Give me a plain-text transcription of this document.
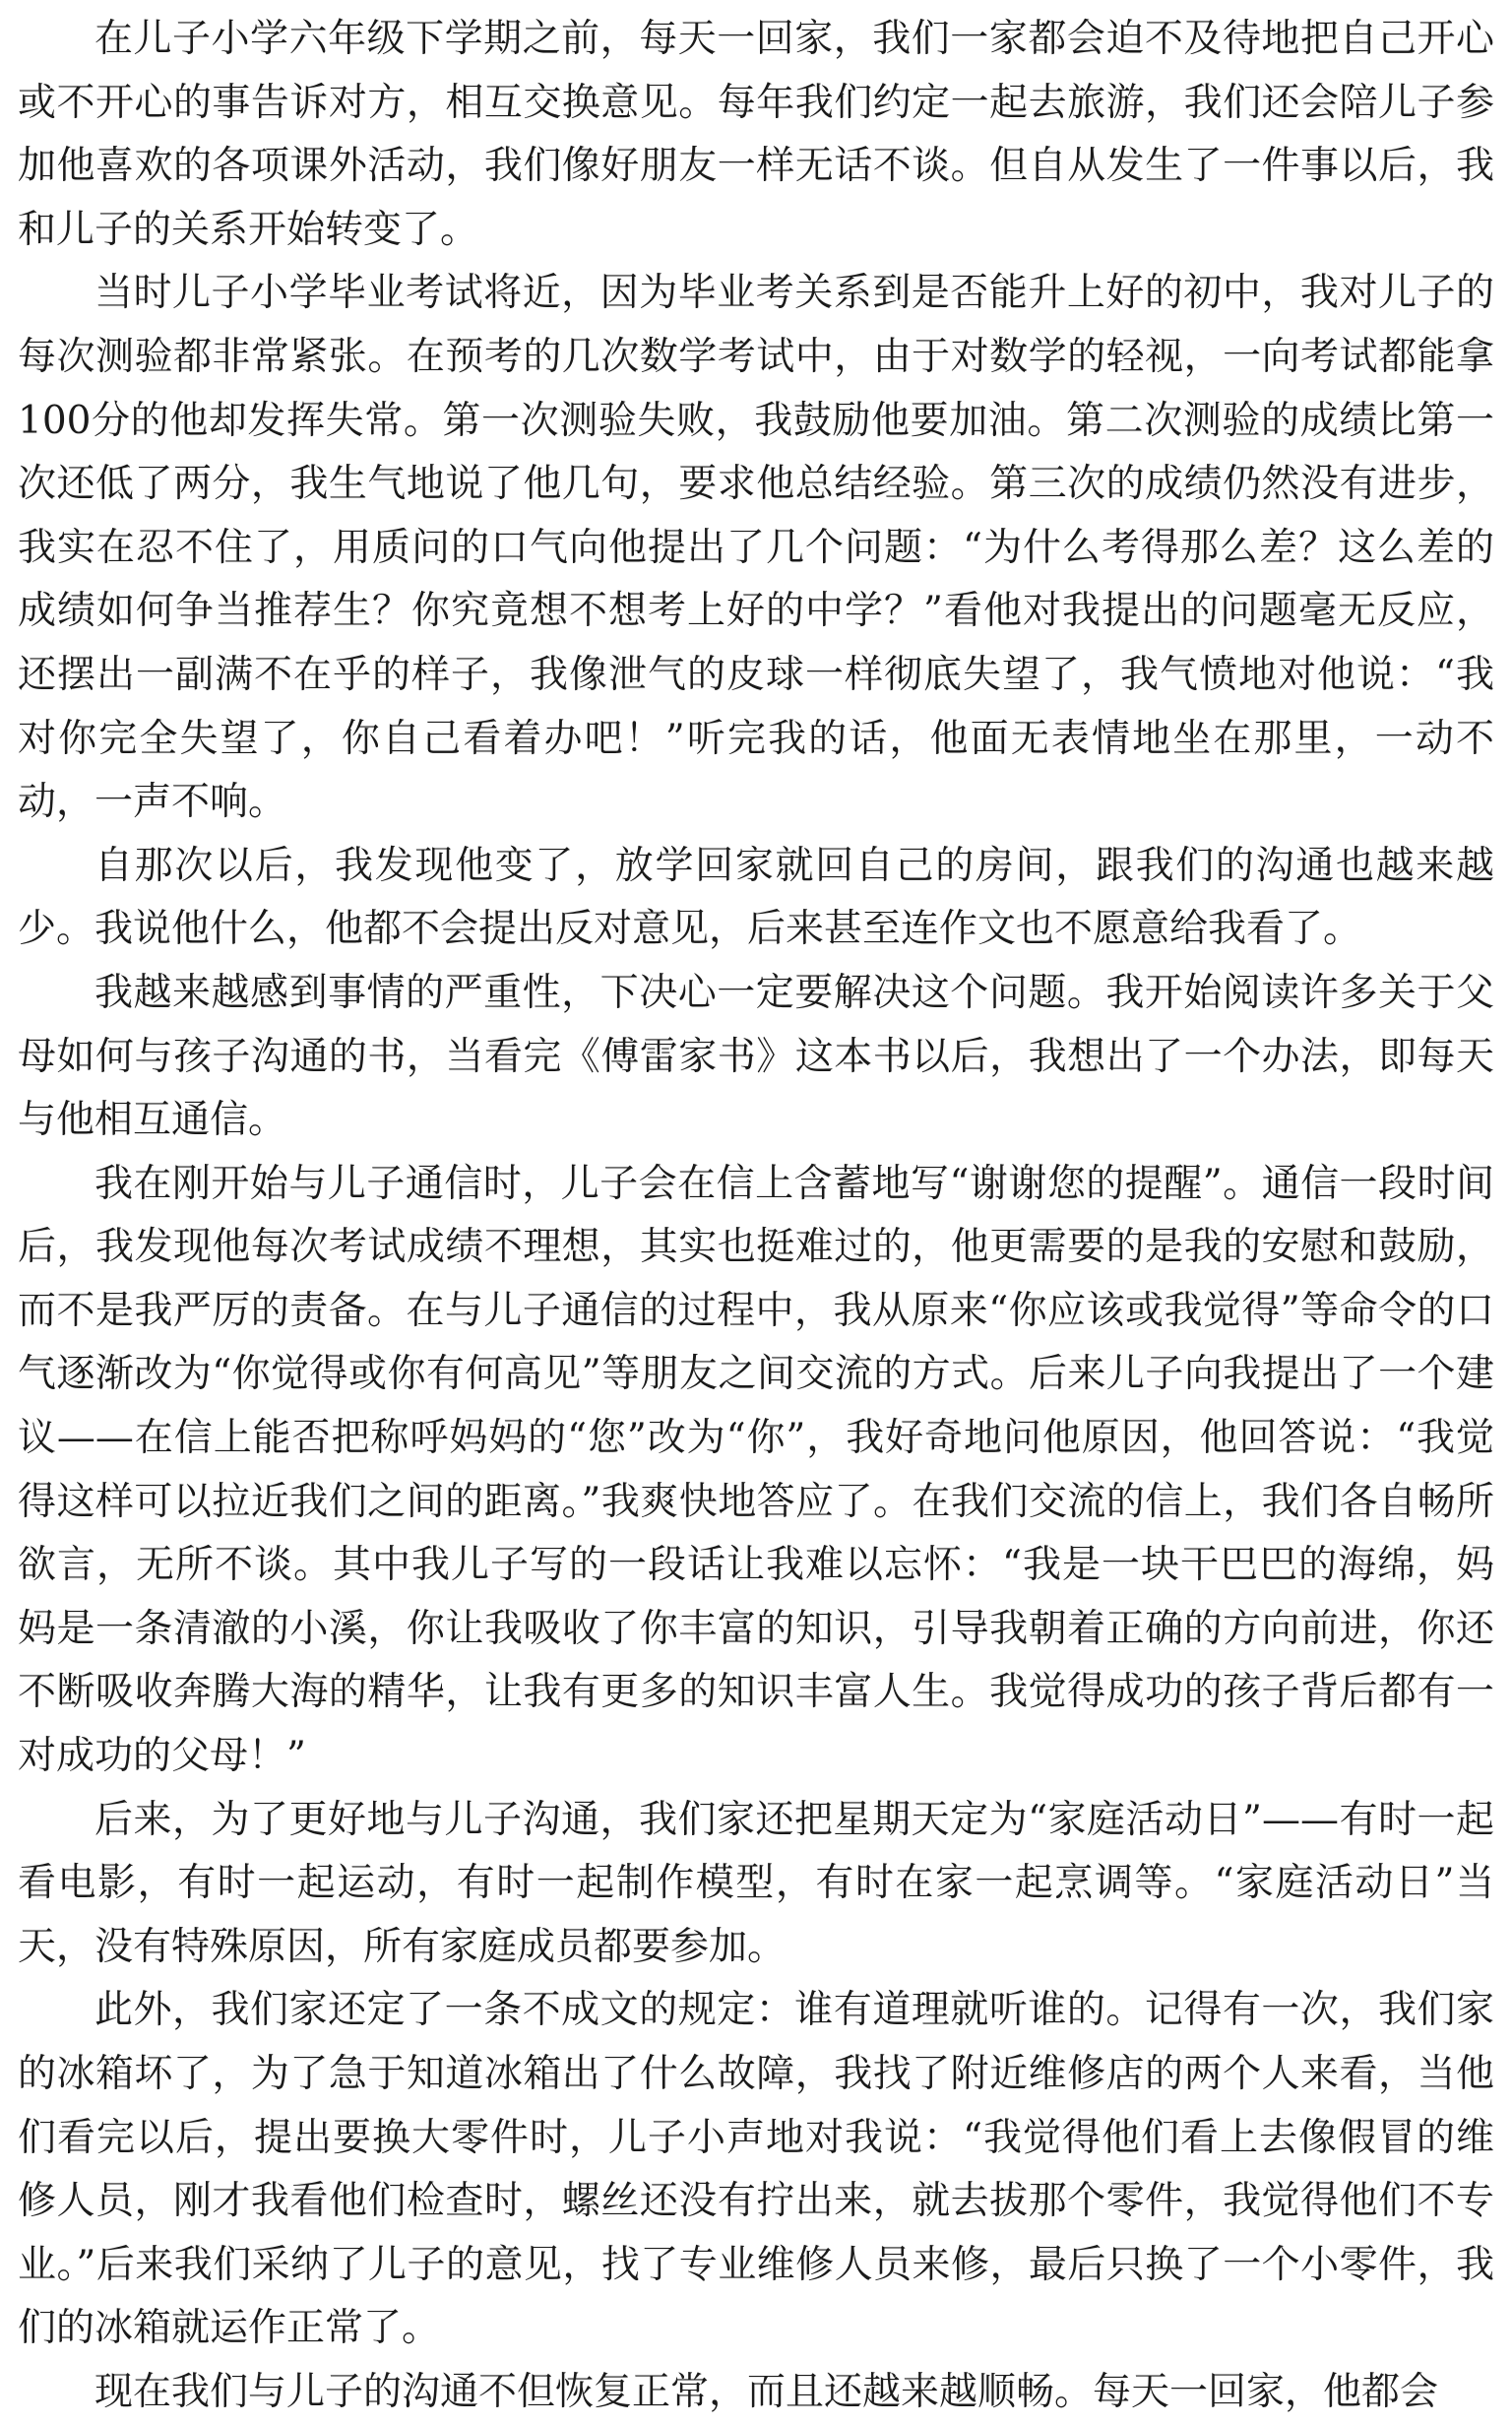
在儿子小学六年级下学期之前，每天一回家，我们一家都会迫不及待地把自己开心或不开心的事告诉对方，相互交换意见。每年我们约定一起去旅游，我们还会陪儿子参加他喜欢的各项课外活动，我们像好朋友一样无话不谈。但自从发生了一件事以后，我和儿子的关系开始转变了。

当时儿子小学毕业考试将近，因为毕业考关系到是否能升上好的初中，我对儿子的每次测验都非常紧张。在预考的几次数学考试中，由于对数学的轻视，一向考试都能拿100分的他却发挥失常。第一次测验失败，我鼓励他要加油。第二次测验的成绩比第一次还低了两分，我生气地说了他几句，要求他总结经验。第三次的成绩仍然没有进步，我实在忍不住了，用质问的口气向他提出了几个问题：“为什么考得那么差？这么差的成绩如何争当推荐生？你究竟想不想考上好的中学？”看他对我提出的问题毫无反应，还摆出一副满不在乎的样子，我像泄气的皮球一样彻底失望了，我气愤地对他说：“我对你完全失望了，你自己看着办吧！”听完我的话，他面无表情地坐在那里，一动不动，一声不响。

自那次以后，我发现他变了，放学回家就回自己的房间，跟我们的沟通也越来越少。我说他什么，他都不会提出反对意见，后来甚至连作文也不愿意给我看了。

我越来越感到事情的严重性，下决心一定要解决这个问题。我开始阅读许多关于父母如何与孩子沟通的书，当看完《傅雷家书》这本书以后，我想出了一个办法，即每天与他相互通信。

我在刚开始与儿子通信时，儿子会在信上含蓄地写“谢谢您的提醒”。通信一段时间后，我发现他每次考试成绩不理想，其实也挺难过的，他更需要的是我的安慰和鼓励，而不是我严厉的责备。在与儿子通信的过程中，我从原来“你应该或我觉得”等命令的口气逐渐改为“你觉得或你有何高见”等朋友之间交流的方式。后来儿子向我提出了一个建议——在信上能否把称呼妈妈的“您”改为“你”，我好奇地问他原因，他回答说：“我觉得这样可以拉近我们之间的距离。”我爽快地答应了。在我们交流的信上，我们各自畅所欲言，无所不谈。其中我儿子写的一段话让我难以忘怀：“我是一块干巴巴的海绵，妈妈是一条清澈的小溪，你让我吸收了你丰富的知识，引导我朝着正确的方向前进，你还不断吸收奔腾大海的精华，让我有更多的知识丰富人生。我觉得成功的孩子背后都有一对成功的父母！”

后来，为了更好地与儿子沟通，我们家还把星期天定为“家庭活动日”——有时一起看电影，有时一起运动，有时一起制作模型，有时在家一起烹调等。“家庭活动日”当天，没有特殊原因，所有家庭成员都要参加。

此外，我们家还定了一条不成文的规定：谁有道理就听谁的。记得有一次，我们家的冰箱坏了，为了急于知道冰箱出了什么故障，我找了附近维修店的两个人来看，当他们看完以后，提出要换大零件时，儿子小声地对我说：“我觉得他们看上去像假冒的维修人员，刚才我看他们检查时，螺丝还没有拧出来，就去拔那个零件，我觉得他们不专业。”后来我们采纳了儿子的意见，找了专业维修人员来修，最后只换了一个小零件，我们的冰箱就运作正常了。

现在我们与儿子的沟通不但恢复正常，而且还越来越顺畅。每天一回家，他都会
